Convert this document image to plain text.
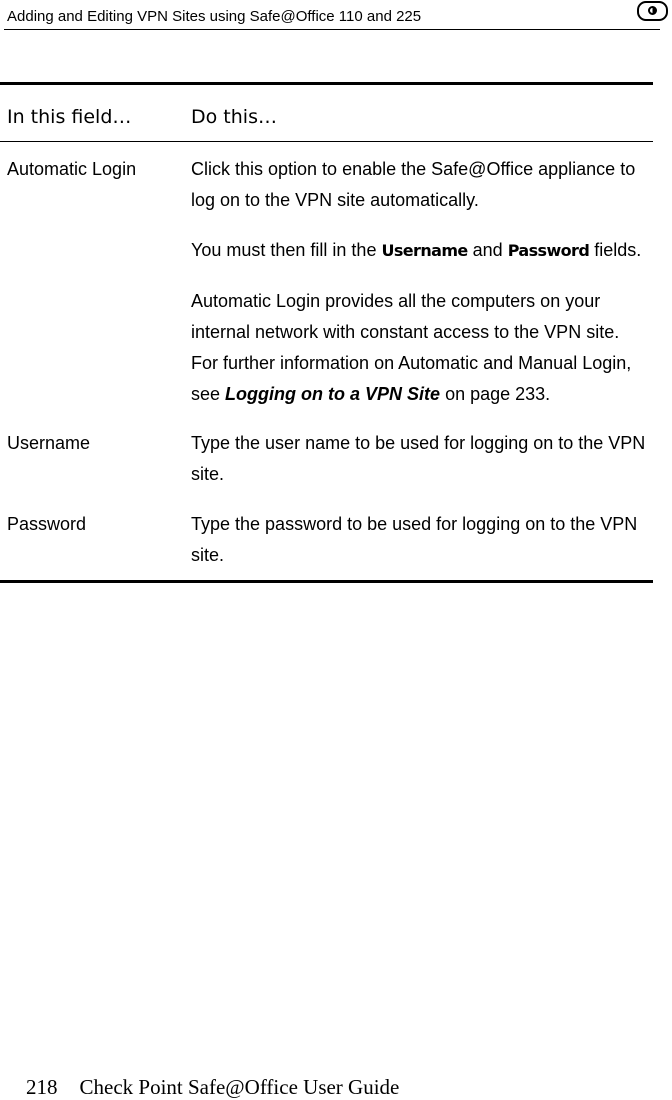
Adding and Editing VPN Sites using Safe@Office 110 and 225
In this field…	Do this…
Automatic Login	Click this option to enable the Safe@Office appliance to log on to the VPN site automatically.
You must then fill in the Username and Password fields.
Automatic Login provides all the computers on your internal network with constant access to the VPN site. For further information on Automatic and Manual Login, see Logging on to a VPN Site on page 233.
Username	Type the user name to be used for logging on to the VPN site.
Password	Type the password to be used for logging on to the VPN site.
218 Check Point Safe@Office User Guide
